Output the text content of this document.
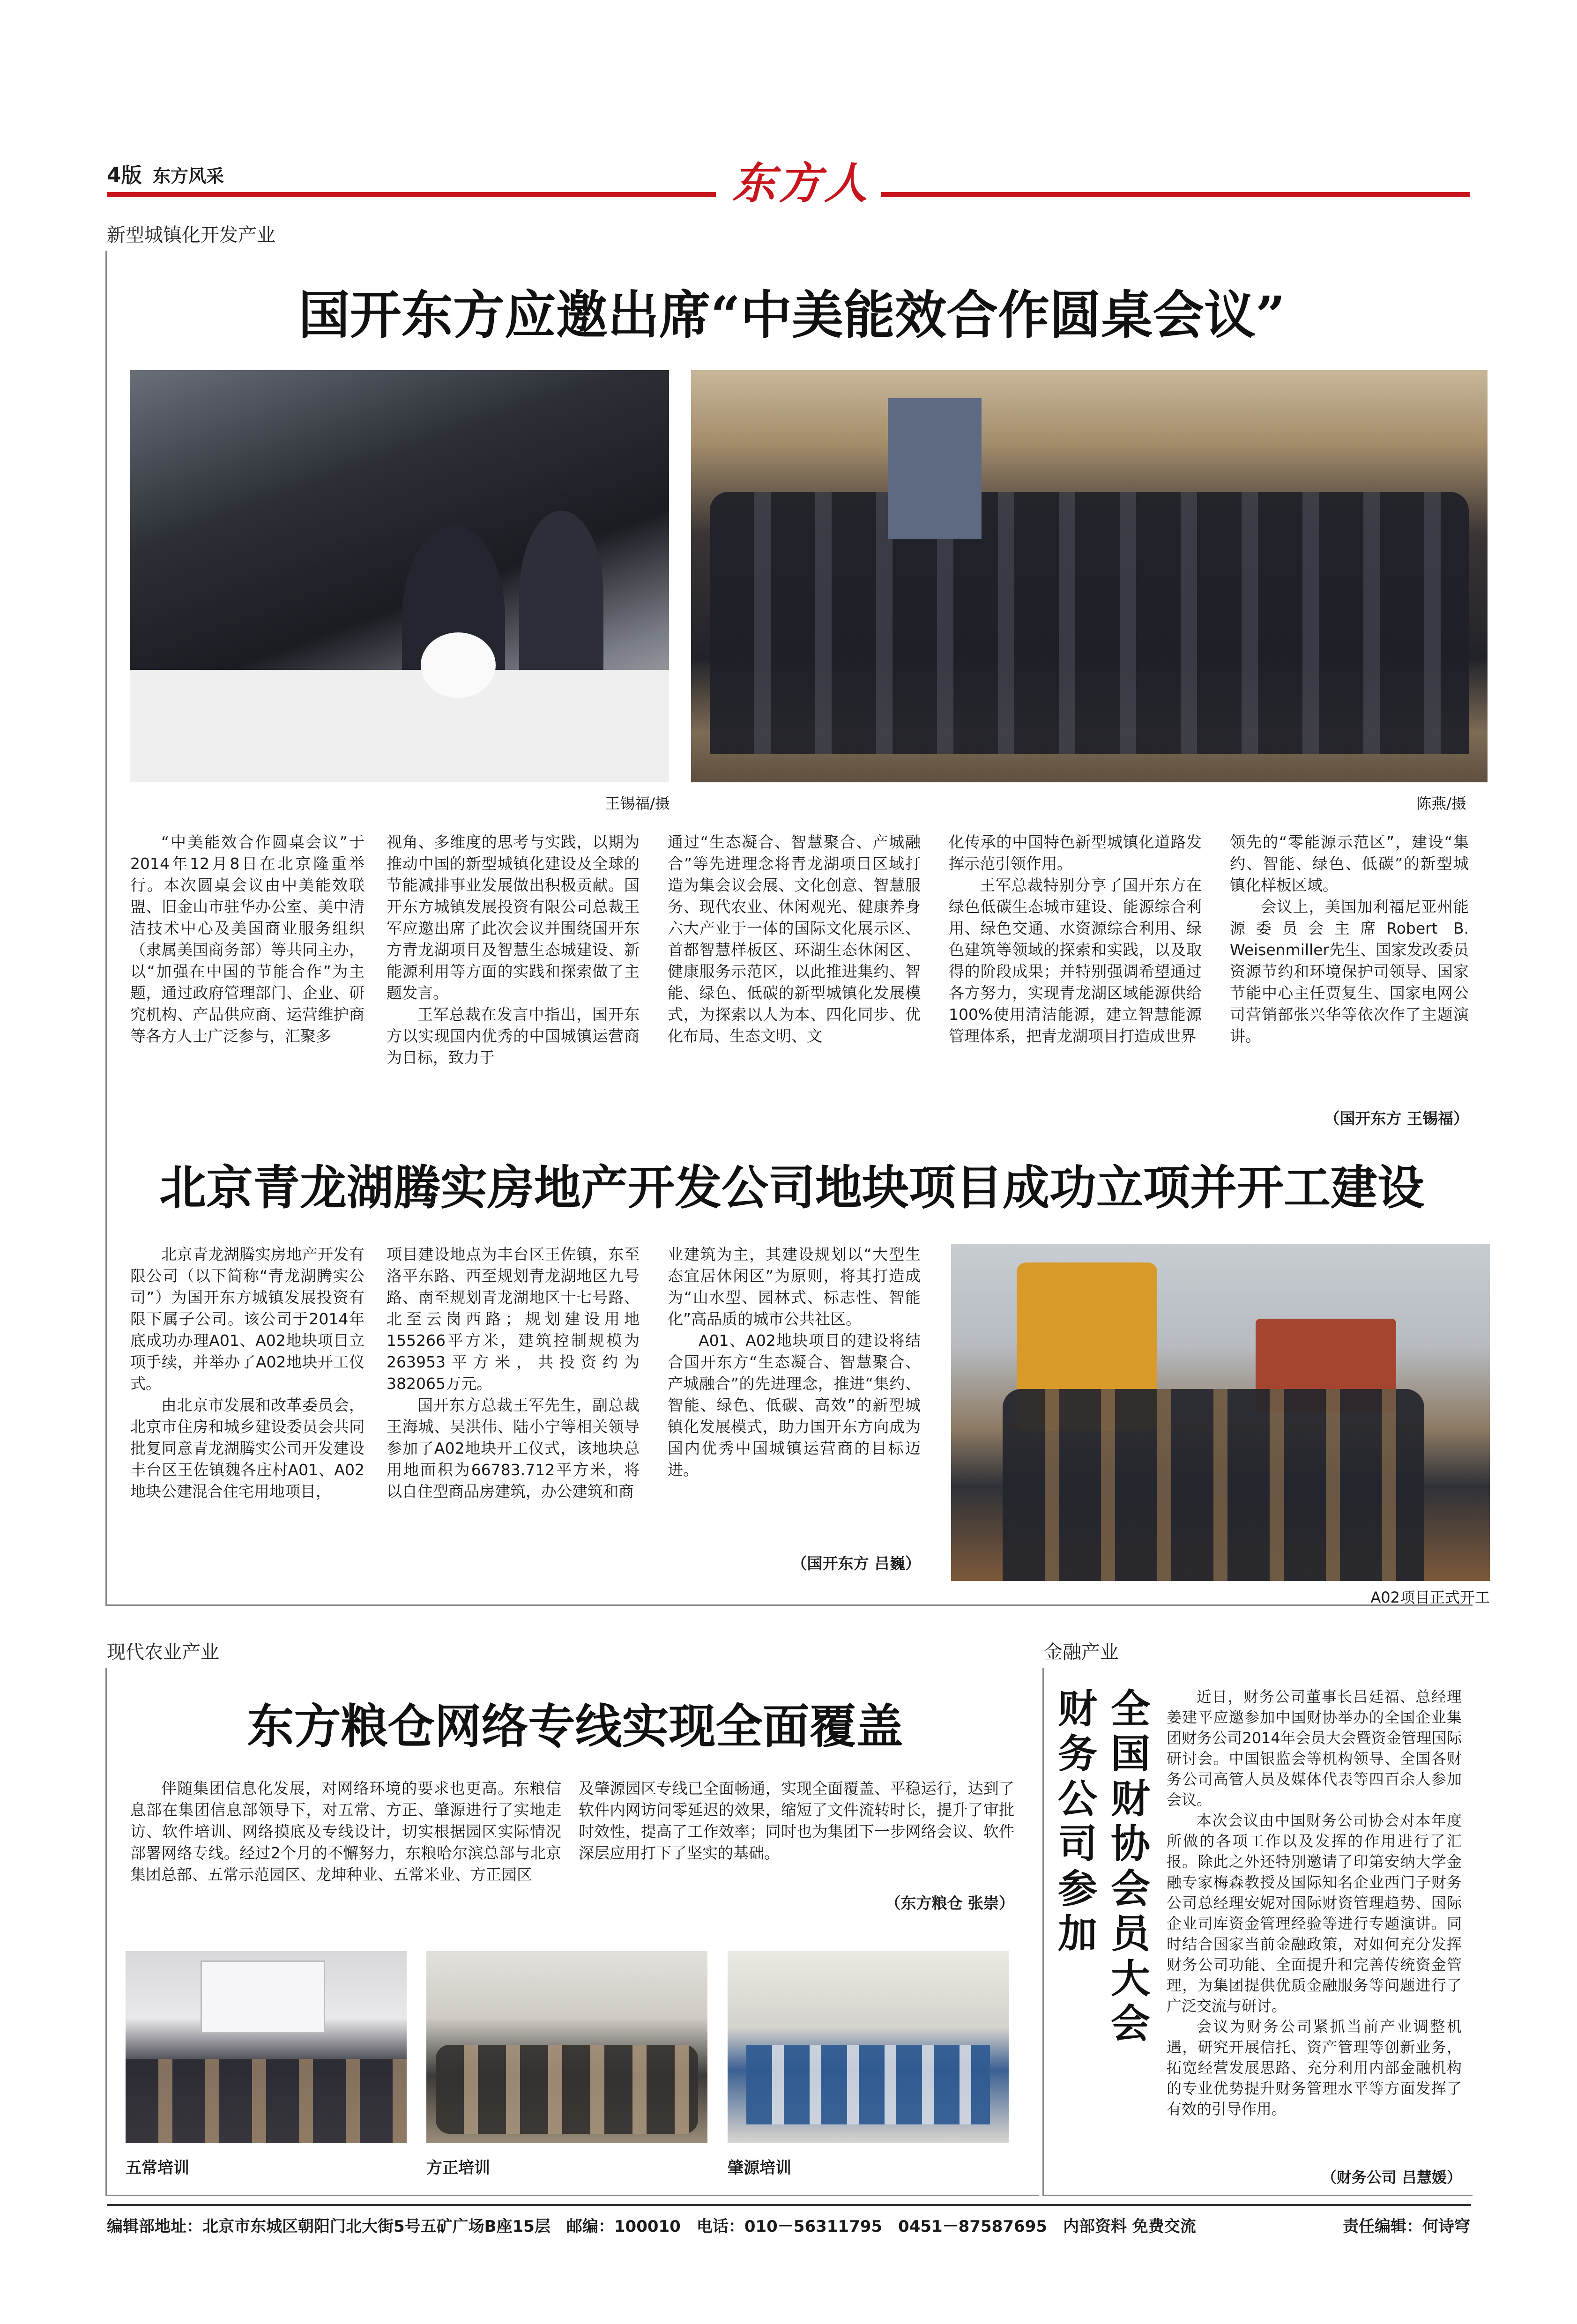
4版 东方风采	东方人
新型城镇化开发产业
国开东方应邀出席“中美能效合作圆桌会议”
王锡福/摄	陈燕/摄

“中美能效合作圆桌会议”于2014年12月8日在北京隆重举行。本次圆桌会议由中美能效联盟、旧金山市驻华办公室、美中清洁技术中心及美国商业服务组织（隶属美国商务部）等共同主办，以“加强在中国的节能合作”为主题，通过政府管理部门、企业、研究机构、产品供应商、运营维护商等各方人士广泛参与，汇聚多

视角、多维度的思考与实践，以期为推动中国的新型城镇化建设及全球的节能减排事业发展做出积极贡献。国开东方城镇发展投资有限公司总裁王军应邀出席了此次会议并围绕国开东方青龙湖项目及智慧生态城建设、新能源利用等方面的实践和探索做了主题发言。

王军总裁在发言中指出，国开东方以实现国内优秀的中国城镇运营商为目标，致力于

通过“生态凝合、智慧聚合、产城融合”等先进理念将青龙湖项目区域打造为集会议会展、文化创意、智慧服务、现代农业、休闲观光、健康养身六大产业于一体的国际文化展示区、首都智慧样板区、环湖生态休闲区、健康服务示范区，以此推进集约、智能、绿色、低碳的新型城镇化发展模式，为探索以人为本、四化同步、优化布局、生态文明、文

化传承的中国特色新型城镇化道路发挥示范引领作用。

王军总裁特别分享了国开东方在绿色低碳生态城市建设、能源综合利用、绿色交通、水资源综合利用、绿色建筑等领域的探索和实践，以及取得的阶段成果；并特别强调希望通过各方努力，实现青龙湖区域能源供给100%使用清洁能源，建立智慧能源管理体系，把青龙湖项目打造成世界

领先的“零能源示范区”，建设“集约、智能、绿色、低碳”的新型城镇化样板区域。

会议上，美国加利福尼亚州能源委员会主席Robert B. Weisenmiller先生、国家发改委员资源节约和环境保护司领导、国家节能中心主任贾复生、国家电网公司营销部张兴华等依次作了主题演讲。

（国开东方 王锡福）
北京青龙湖腾实房地产开发公司地块项目成功立项并开工建设

北京青龙湖腾实房地产开发有限公司（以下简称“青龙湖腾实公司”）为国开东方城镇发展投资有限下属子公司。该公司于2014年底成功办理A01、A02地块项目立项手续，并举办了A02地块开工仪式。

由北京市发展和改革委员会，北京市住房和城乡建设委员会共同批复同意青龙湖腾实公司开发建设丰台区王佐镇魏各庄村A01、A02地块公建混合住宅用地项目，

项目建设地点为丰台区王佐镇，东至洛平东路、西至规划青龙湖地区九号路、南至规划青龙湖地区十七号路、北至云岗西路；规划建设用地155266平方米，建筑控制规模为263953平方米，共投资约为382065万元。

国开东方总裁王军先生，副总裁王海城、吴洪伟、陆小宁等相关领导参加了A02地块开工仪式，该地块总用地面积为66783.712平方米，将以自住型商品房建筑，办公建筑和商

业建筑为主，其建设规划以“大型生态宜居休闲区”为原则，将其打造成为“山水型、园林式、标志性、智能化”高品质的城市公共社区。

A01、A02地块项目的建设将结合国开东方“生态凝合、智慧聚合、产城融合”的先进理念，推进“集约、智能、绿色、低碳、高效”的新型城镇化发展模式，助力国开东方向成为国内优秀中国城镇运营商的目标迈进。

（国开东方 吕巍）
A02项目正式开工
现代农业产业
东方粮仓网络专线实现全面覆盖

伴随集团信息化发展，对网络环境的要求也更高。东粮信息部在集团信息部领导下，对五常、方正、肇源进行了实地走访、软件培训、网络摸底及专线设计，切实根据园区实际情况部署网络专线。经过2个月的不懈努力，东粮哈尔滨总部与北京集团总部、五常示范园区、龙坤种业、五常米业、方正园区

及肇源园区专线已全面畅通，实现全面覆盖、平稳运行，达到了软件内网访问零延迟的效果，缩短了文件流转时长，提升了审批时效性，提高了工作效率；同时也为集团下一步网络会议、软件深层应用打下了坚实的基础。

（东方粮仓 张崇）
五常培训	方正培训	肇源培训
金融产业
财务公司参加
全国财协会员大会

近日，财务公司董事长吕廷福、总经理姜建平应邀参加中国财协举办的全国企业集团财务公司2014年会员大会暨资金管理国际研讨会。中国银监会等机构领导、全国各财务公司高管人员及媒体代表等四百余人参加会议。

本次会议由中国财务公司协会对本年度所做的各项工作以及发挥的作用进行了汇报。除此之外还特别邀请了印第安纳大学金融专家梅森教授及国际知名企业西门子财务公司总经理安妮对国际财资管理趋势、国际企业司库资金管理经验等进行专题演讲。同时结合国家当前金融政策，对如何充分发挥财务公司功能、全面提升和完善传统资金管理，为集团提供优质金融服务等问题进行了广泛交流与研讨。

会议为财务公司紧抓当前产业调整机遇，研究开展信托、资产管理等创新业务，拓宽经营发展思路、充分利用内部金融机构的专业优势提升财务管理水平等方面发挥了有效的引导作用。

（财务公司 吕慧媛）
编辑部地址：北京市东城区朝阳门北大街5号五矿广场B座15层　邮编：100010　电话：010－56311795　0451－87587695　内部资料 免费交流	责任编辑：何诗穹
